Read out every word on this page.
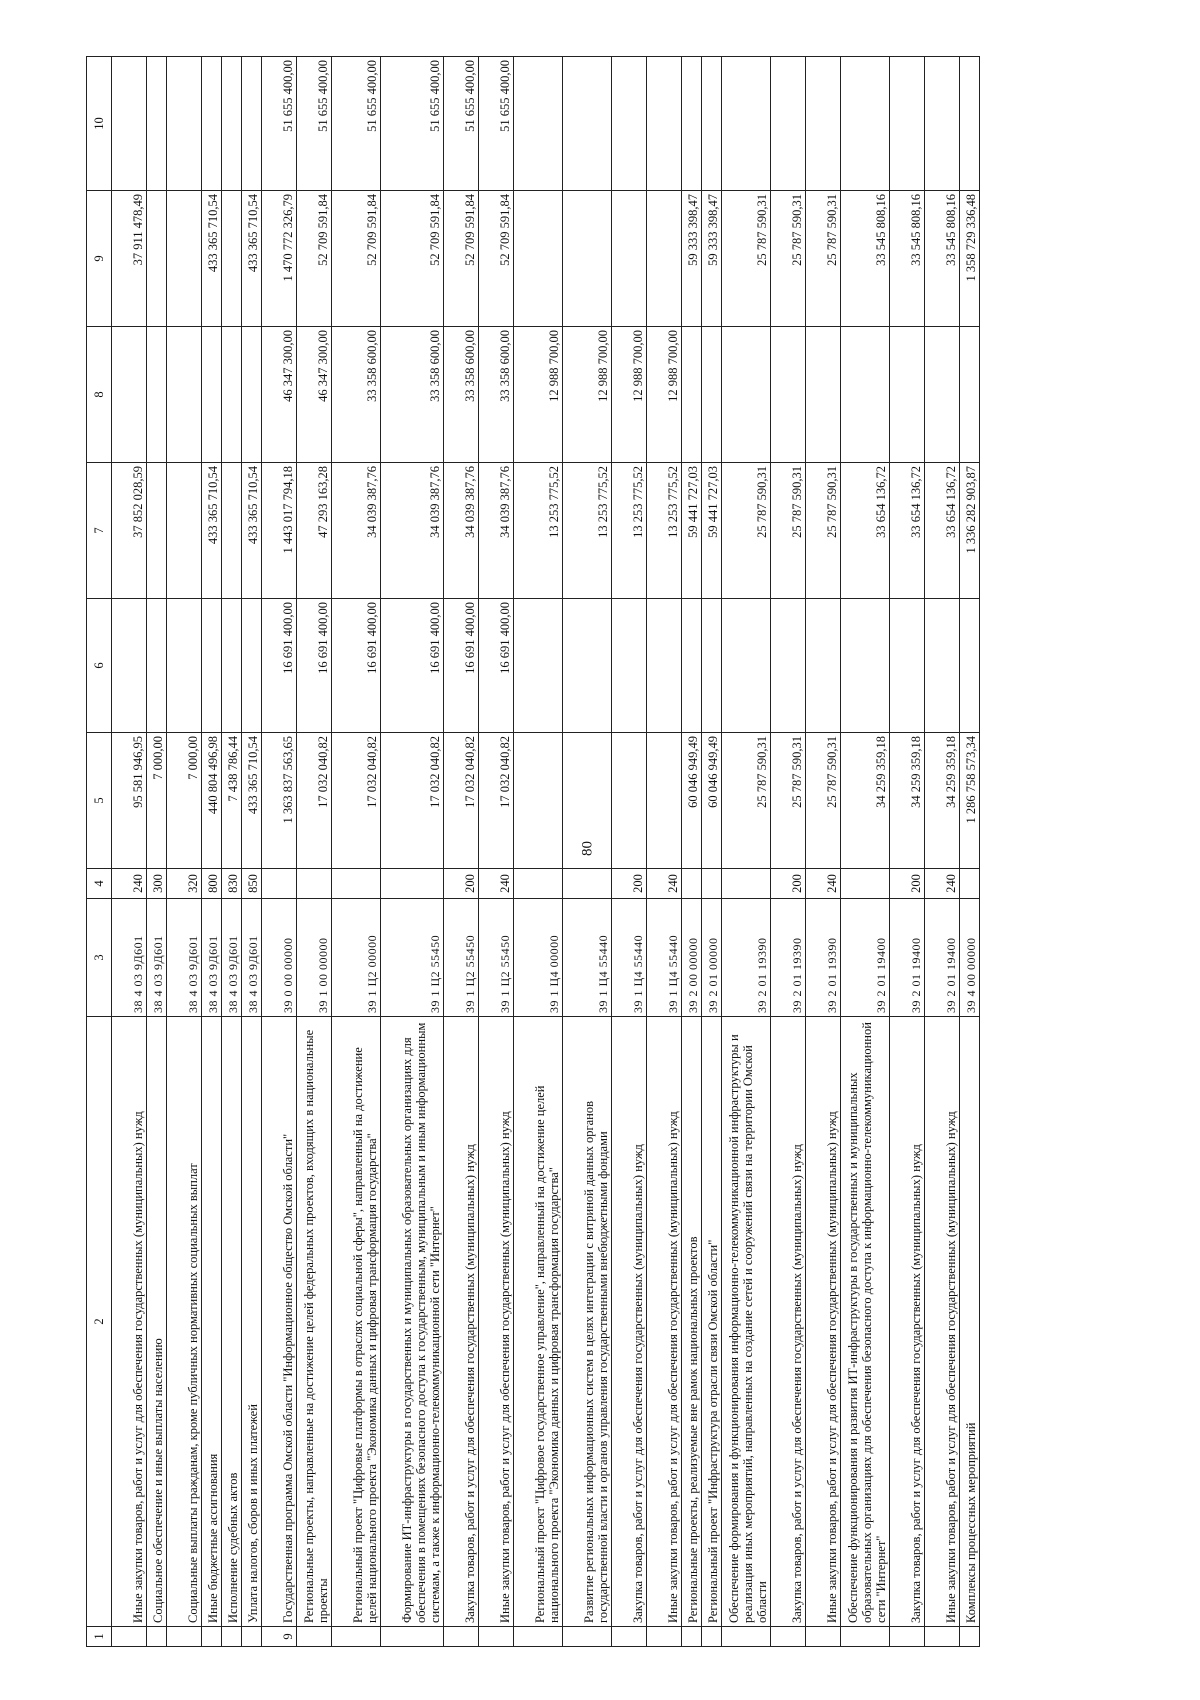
80
1	2	3	4	5	6	7	8	9	10
	Иные закупки товаров, работ и услуг для обеспечения государственных (муниципальных) нужд	38 4 03 9Д601	240	95 581 946,95		37 852 028,59		37 911 478,49	
	Социальное обеспечение и иные выплаты населению	38 4 03 9Д601	300	7 000,00					
	Социальные выплаты гражданам, кроме публичных нормативных социальных выплат	38 4 03 9Д601	320	7 000,00					
	Иные бюджетные ассигнования	38 4 03 9Д601	800	440 804 496,98		433 365 710,54		433 365 710,54	
	Исполнение судебных актов	38 4 03 9Д601	830	7 438 786,44					
	Уплата налогов, сборов и иных платежей	38 4 03 9Д601	850	433 365 710,54		433 365 710,54		433 365 710,54	
9	Государственная программа Омской области "Информационное общество Омской области"	39 0 00 00000		1 363 837 563,65	16 691 400,00	1 443 017 794,18	46 347 300,00	1 470 772 326,79	51 655 400,00
	Региональные проекты, направленные на достижение целей федеральных проектов, входящих в национальные проекты	39 1 00 00000		17 032 040,82	16 691 400,00	47 293 163,28	46 347 300,00	52 709 591,84	51 655 400,00
	Региональный проект "Цифровые платформы в отраслях социальной сферы", направленный на достижение целей национального проекта "Экономика данных и цифровая трансформация государства"	39 1 Ц2 00000		17 032 040,82	16 691 400,00	34 039 387,76	33 358 600,00	52 709 591,84	51 655 400,00
	Формирование ИТ-инфраструктуры в государственных и муниципальных образовательных организациях для обеспечения в помещениях безопасного доступа к государственным, муниципальным и иным информационным системам, а также к информационно-телекоммуникационной сети "Интернет"	39 1 Ц2 55450		17 032 040,82	16 691 400,00	34 039 387,76	33 358 600,00	52 709 591,84	51 655 400,00
	Закупка товаров, работ и услуг для обеспечения государственных (муниципальных) нужд	39 1 Ц2 55450	200	17 032 040,82	16 691 400,00	34 039 387,76	33 358 600,00	52 709 591,84	51 655 400,00
	Иные закупки товаров, работ и услуг для обеспечения государственных (муниципальных) нужд	39 1 Ц2 55450	240	17 032 040,82	16 691 400,00	34 039 387,76	33 358 600,00	52 709 591,84	51 655 400,00
	Региональный проект "Цифровое государственное управление", направленный на достижение целей национального проекта "Экономика данных и цифровая трансформация государства"	39 1 Ц4 00000				13 253 775,52	12 988 700,00		
	Развитие региональных информационных систем в целях интеграции с витриной данных органов государственной власти и органов управления государственными внебюджетными фондами	39 1 Ц4 55440				13 253 775,52	12 988 700,00		
	Закупка товаров, работ и услуг для обеспечения государственных (муниципальных) нужд	39 1 Ц4 55440	200			13 253 775,52	12 988 700,00		
	Иные закупки товаров, работ и услуг для обеспечения государственных (муниципальных) нужд	39 1 Ц4 55440	240			13 253 775,52	12 988 700,00		
	Региональные проекты, реализуемые вне рамок национальных проектов	39 2 00 00000		60 046 949,49		59 441 727,03		59 333 398,47	
	Региональный проект "Инфраструктура отрасли связи Омской области"	39 2 01 00000		60 046 949,49		59 441 727,03		59 333 398,47	
	Обеспечение формирования и функционирования информационно-телекоммуникационной инфраструктуры и реализация иных мероприятий, направленных на создание сетей и сооружений связи на территории Омской области	39 2 01 19390		25 787 590,31		25 787 590,31		25 787 590,31	
	Закупка товаров, работ и услуг для обеспечения государственных (муниципальных) нужд	39 2 01 19390	200	25 787 590,31		25 787 590,31		25 787 590,31	
	Иные закупки товаров, работ и услуг для обеспечения государственных (муниципальных) нужд	39 2 01 19390	240	25 787 590,31		25 787 590,31		25 787 590,31	
	Обеспечение функционирования и развития ИТ-инфраструктуры в государственных и муниципальных образовательных организациях для обеспечения безопасного доступа к информационно-телекоммуникационной сети "Интернет"	39 2 01 19400		34 259 359,18		33 654 136,72		33 545 808,16	
	Закупка товаров, работ и услуг для обеспечения государственных (муниципальных) нужд	39 2 01 19400	200	34 259 359,18		33 654 136,72		33 545 808,16	
	Иные закупки товаров, работ и услуг для обеспечения государственных (муниципальных) нужд	39 2 01 19400	240	34 259 359,18		33 654 136,72		33 545 808,16	
	Комплексы процессных мероприятий	39 4 00 00000		1 286 758 573,34		1 336 282 903,87		1 358 729 336,48	
